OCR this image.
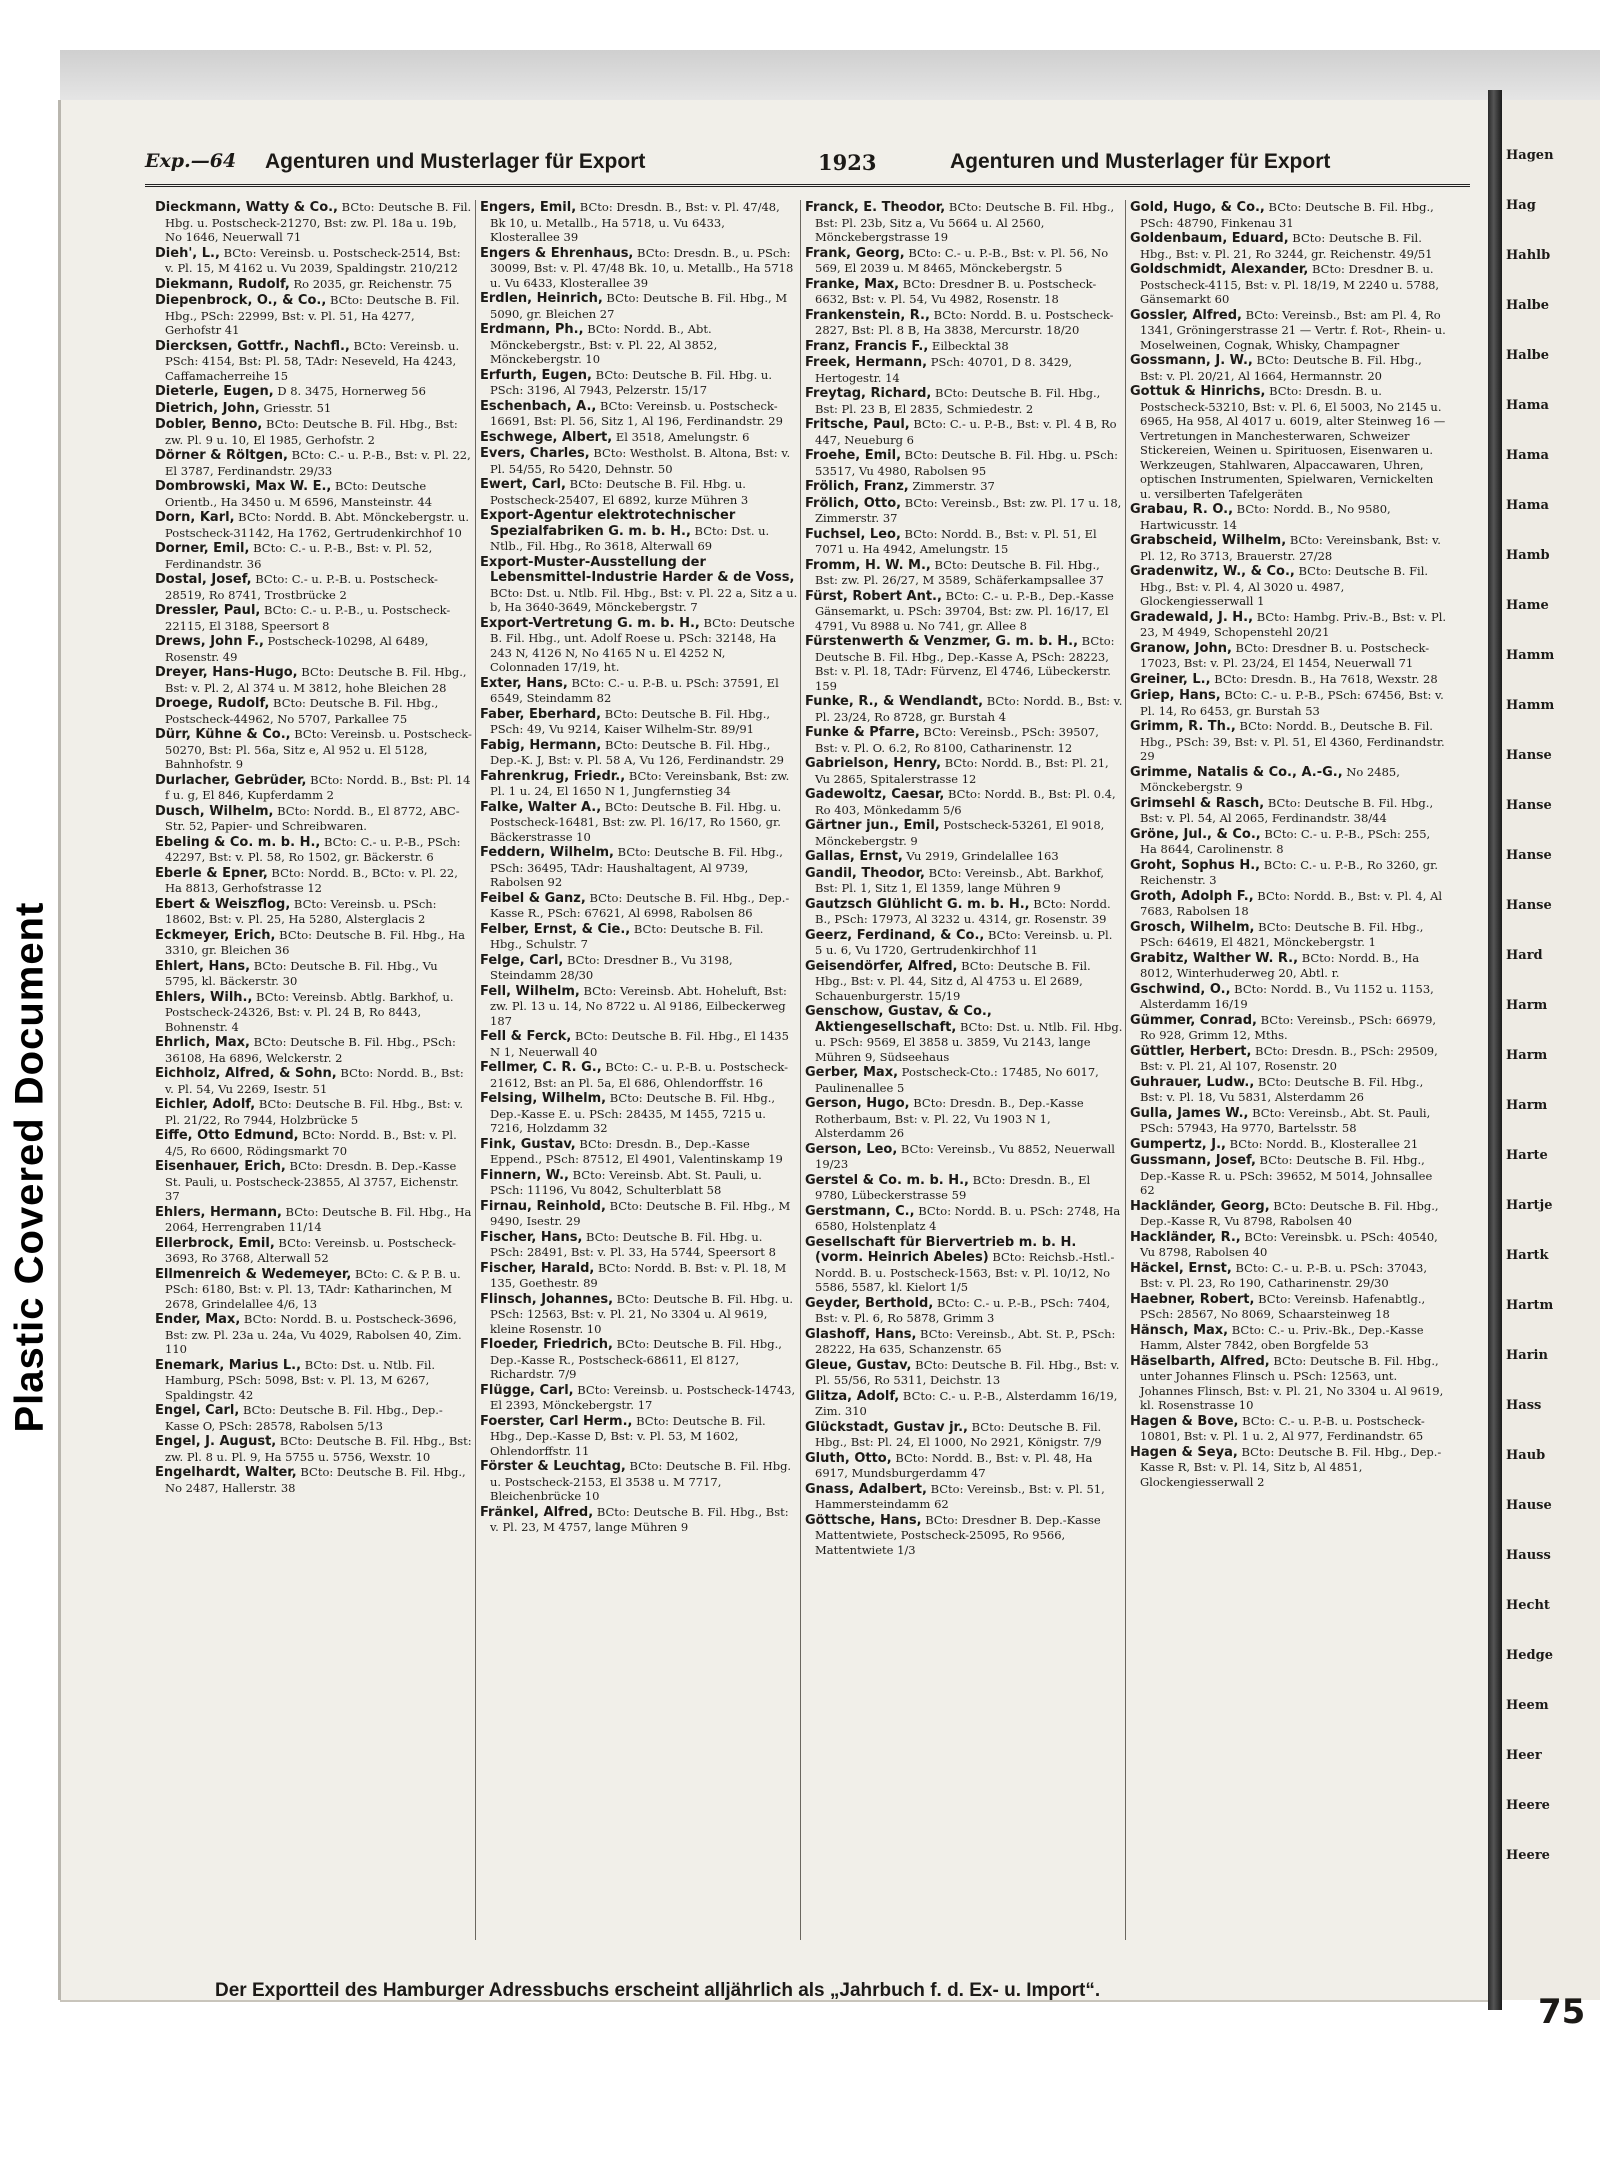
Plastic Covered Document
Hagen
Hag
Hahlb
Halbe
Halbe
Hama
Hama
Hama
Hamb
Hame
Hamm
Hamm
Hanse
Hanse
Hanse
Hanse
Hard
Harm
Harm
Harm
Harte
Hartje
Hartk
Hartm
Harin
Hass
Haub
Hause
Hauss
Hecht
Hedge
Heem
Heer
Heere
Heere
Exp.—64 Agenturen und Musterlager für Export	1923	Agenturen und Musterlager für Export
Dieckmann, Watty & Co., BCto: Deutsche B. Fil. Hbg. u. Postscheck-21270, Bst: zw. Pl. 18a u. 19b, No 1646, Neuerwall 71
Dieh', L., BCto: Vereinsb. u. Postscheck-2514, Bst: v. Pl. 15, M 4162 u. Vu 2039, Spaldingstr. 210/212
Diekmann, Rudolf, Ro 2035, gr. Reichenstr. 75
Diepenbrock, O., & Co., BCto: Deutsche B. Fil. Hbg., PSch: 22999, Bst: v. Pl. 51, Ha 4277, Gerhofstr 41
Diercksen, Gottfr., Nachfl., BCto: Vereinsb. u. PSch: 4154, Bst: Pl. 58, TAdr: Neseveld, Ha 4243, Caffamacherreihe 15
Dieterle, Eugen, D 8. 3475, Hornerweg 56
Dietrich, John, Griesstr. 51
Dobler, Benno, BCto: Deutsche B. Fil. Hbg., Bst: zw. Pl. 9 u. 10, El 1985, Gerhofstr. 2
Dörner & Röltgen, BCto: C.- u. P.-B., Bst: v. Pl. 22, El 3787, Ferdinandstr. 29/33
Dombrowski, Max W. E., BCto: Deutsche Orientb., Ha 3450 u. M 6596, Mansteinstr. 44
Dorn, Karl, BCto: Nordd. B. Abt. Mönckebergstr. u. Postscheck-31142, Ha 1762, Gertrudenkirchhof 10
Dorner, Emil, BCto: C.- u. P.-B., Bst: v. Pl. 52, Ferdinandstr. 36
Dostal, Josef, BCto: C.- u. P.-B. u. Postscheck-28519, Ro 8741, Trostbrücke 2
Dressler, Paul, BCto: C.- u. P.-B., u. Postscheck-22115, El 3188, Speersort 8
Drews, John F., Postscheck-10298, Al 6489, Rosenstr. 49
Dreyer, Hans-Hugo, BCto: Deutsche B. Fil. Hbg., Bst: v. Pl. 2, Al 374 u. M 3812, hohe Bleichen 28
Droege, Rudolf, BCto: Deutsche B. Fil. Hbg., Postscheck-44962, No 5707, Parkallee 75
Dürr, Kühne & Co., BCto: Vereinsb. u. Postscheck-50270, Bst: Pl. 56a, Sitz e, Al 952 u. El 5128, Bahnhofstr. 9
Durlacher, Gebrüder, BCto: Nordd. B., Bst: Pl. 14 f u. g, El 846, Kupferdamm 2
Dusch, Wilhelm, BCto: Nordd. B., El 8772, ABC-Str. 52, Papier- und Schreibwaren.
Ebeling & Co. m. b. H., BCto: C.- u. P.-B., PSch: 42297, Bst: v. Pl. 58, Ro 1502, gr. Bäckerstr. 6
Eberle & Epner, BCto: Nordd. B., BCto: v. Pl. 22, Ha 8813, Gerhofstrasse 12
Ebert & Weiszflog, BCto: Vereinsb. u. PSch: 18602, Bst: v. Pl. 25, Ha 5280, Alsterglacis 2
Eckmeyer, Erich, BCto: Deutsche B. Fil. Hbg., Ha 3310, gr. Bleichen 36
Ehlert, Hans, BCto: Deutsche B. Fil. Hbg., Vu 5795, kl. Bäckerstr. 30
Ehlers, Wilh., BCto: Vereinsb. Abtlg. Barkhof, u. Postscheck-24326, Bst: v. Pl. 24 B, Ro 8443, Bohnenstr. 4
Ehrlich, Max, BCto: Deutsche B. Fil. Hbg., PSch: 36108, Ha 6896, Welckerstr. 2
Eichholz, Alfred, & Sohn, BCto: Nordd. B., Bst: v. Pl. 54, Vu 2269, Isestr. 51
Eichler, Adolf, BCto: Deutsche B. Fil. Hbg., Bst: v. Pl. 21/22, Ro 7944, Holzbrücke 5
Eiffe, Otto Edmund, BCto: Nordd. B., Bst: v. Pl. 4/5, Ro 6600, Rödingsmarkt 70
Eisenhauer, Erich, BCto: Dresdn. B. Dep.-Kasse St. Pauli, u. Postscheck-23855, Al 3757, Eichenstr. 37
Ehlers, Hermann, BCto: Deutsche B. Fil. Hbg., Ha 2064, Herrengraben 11/14
Ellerbrock, Emil, BCto: Vereinsb. u. Postscheck-3693, Ro 3768, Alterwall 52
Ellmenreich & Wedemeyer, BCto: C. & P. B. u. PSch: 6180, Bst: v. Pl. 13, TAdr: Katharinchen, M 2678, Grindelallee 4/6, 13
Ender, Max, BCto: Nordd. B. u. Postscheck-3696, Bst: zw. Pl. 23a u. 24a, Vu 4029, Rabolsen 40, Zim. 110
Enemark, Marius L., BCto: Dst. u. Ntlb. Fil. Hamburg, PSch: 5098, Bst: v. Pl. 13, M 6267, Spaldingstr. 42
Engel, Carl, BCto: Deutsche B. Fil. Hbg., Dep.-Kasse O, PSch: 28578, Rabolsen 5/13
Engel, J. August, BCto: Deutsche B. Fil. Hbg., Bst: zw. Pl. 8 u. Pl. 9, Ha 5755 u. 5756, Wexstr. 10
Engelhardt, Walter, BCto: Deutsche B. Fil. Hbg., No 2487, Hallerstr. 38
Engers, Emil, BCto: Dresdn. B., Bst: v. Pl. 47/48, Bk 10, u. Metallb., Ha 5718, u. Vu 6433, Klosterallee 39
Engers & Ehrenhaus, BCto: Dresdn. B., u. PSch: 30099, Bst: v. Pl. 47/48 Bk. 10, u. Metallb., Ha 5718 u. Vu 6433, Klosterallee 39
Erdlen, Heinrich, BCto: Deutsche B. Fil. Hbg., M 5090, gr. Bleichen 27
Erdmann, Ph., BCto: Nordd. B., Abt. Mönckebergstr., Bst: v. Pl. 22, Al 3852, Mönckebergstr. 10
Erfurth, Eugen, BCto: Deutsche B. Fil. Hbg. u. PSch: 3196, Al 7943, Pelzerstr. 15/17
Eschenbach, A., BCto: Vereinsb. u. Postscheck-16691, Bst: Pl. 56, Sitz 1, Al 196, Ferdinandstr. 29
Eschwege, Albert, El 3518, Amelungstr. 6
Evers, Charles, BCto: Westholst. B. Altona, Bst: v. Pl. 54/55, Ro 5420, Dehnstr. 50
Ewert, Carl, BCto: Deutsche B. Fil. Hbg. u. Postscheck-25407, El 6892, kurze Mühren 3
Export-Agentur elektrotechnischer Spezialfabriken G. m. b. H., BCto: Dst. u. Ntlb., Fil. Hbg., Ro 3618, Alterwall 69
Export-Muster-Ausstellung der Lebensmittel-Industrie Harder & de Voss, BCto: Dst. u. Ntlb. Fil. Hbg., Bst: v. Pl. 22 a, Sitz a u. b, Ha 3640-3649, Mönckebergstr. 7
Export-Vertretung G. m. b. H., BCto: Deutsche B. Fil. Hbg., unt. Adolf Roese u. PSch: 32148, Ha 243 N, 4126 N, No 4165 N u. El 4252 N, Colonnaden 17/19, ht.
Exter, Hans, BCto: C.- u. P.-B. u. PSch: 37591, El 6549, Steindamm 82
Faber, Eberhard, BCto: Deutsche B. Fil. Hbg., PSch: 49, Vu 9214, Kaiser Wilhelm-Str. 89/91
Fabig, Hermann, BCto: Deutsche B. Fil. Hbg., Dep.-K. J, Bst: v. Pl. 58 A, Vu 126, Ferdinandstr. 29
Fahrenkrug, Friedr., BCto: Vereinsbank, Bst: zw. Pl. 1 u. 24, El 1650 N 1, Jungfernstieg 34
Falke, Walter A., BCto: Deutsche B. Fil. Hbg. u. Postscheck-16481, Bst: zw. Pl. 16/17, Ro 1560, gr. Bäckerstrasse 10
Feddern, Wilhelm, BCto: Deutsche B. Fil. Hbg., PSch: 36495, TAdr: Haushaltagent, Al 9739, Rabolsen 92
Feibel & Ganz, BCto: Deutsche B. Fil. Hbg., Dep.-Kasse R., PSch: 67621, Al 6998, Rabolsen 86
Felber, Ernst, & Cie., BCto: Deutsche B. Fil. Hbg., Schulstr. 7
Felge, Carl, BCto: Dresdner B., Vu 3198, Steindamm 28/30
Fell, Wilhelm, BCto: Vereinsb. Abt. Hoheluft, Bst: zw. Pl. 13 u. 14, No 8722 u. Al 9186, Eilbeckerweg 187
Fell & Ferck, BCto: Deutsche B. Fil. Hbg., El 1435 N 1, Neuerwall 40
Fellmer, C. R. G., BCto: C.- u. P.-B. u. Postscheck-21612, Bst: an Pl. 5a, El 686, Ohlendorffstr. 16
Felsing, Wilhelm, BCto: Deutsche B. Fil. Hbg., Dep.-Kasse E. u. PSch: 28435, M 1455, 7215 u. 7216, Holzdamm 32
Fink, Gustav, BCto: Dresdn. B., Dep.-Kasse Eppend., PSch: 87512, El 4901, Valentinskamp 19
Finnern, W., BCto: Vereinsb. Abt. St. Pauli, u. PSch: 11196, Vu 8042, Schulterblatt 58
Firnau, Reinhold, BCto: Deutsche B. Fil. Hbg., M 9490, Isestr. 29
Fischer, Hans, BCto: Deutsche B. Fil. Hbg. u. PSch: 28491, Bst: v. Pl. 33, Ha 5744, Speersort 8
Fischer, Harald, BCto: Nordd. B. Bst: v. Pl. 18, M 135, Goethestr. 89
Flinsch, Johannes, BCto: Deutsche B. Fil. Hbg. u. PSch: 12563, Bst: v. Pl. 21, No 3304 u. Al 9619, kleine Rosenstr. 10
Floeder, Friedrich, BCto: Deutsche B. Fil. Hbg., Dep.-Kasse R., Postscheck-68611, El 8127, Richardstr. 7/9
Flügge, Carl, BCto: Vereinsb. u. Postscheck-14743, El 2393, Mönckebergstr. 17
Foerster, Carl Herm., BCto: Deutsche B. Fil. Hbg., Dep.-Kasse D, Bst: v. Pl. 53, M 1602, Ohlendorffstr. 11
Förster & Leuchtag, BCto: Deutsche B. Fil. Hbg. u. Postscheck-2153, El 3538 u. M 7717, Bleichenbrücke 10
Fränkel, Alfred, BCto: Deutsche B. Fil. Hbg., Bst: v. Pl. 23, M 4757, lange Mühren 9
Franck, E. Theodor, BCto: Deutsche B. Fil. Hbg., Bst: Pl. 23b, Sitz a, Vu 5664 u. Al 2560, Mönckebergstrasse 19
Frank, Georg, BCto: C.- u. P.-B., Bst: v. Pl. 56, No 569, El 2039 u. M 8465, Mönckebergstr. 5
Franke, Max, BCto: Dresdner B. u. Postscheck-6632, Bst: v. Pl. 54, Vu 4982, Rosenstr. 18
Frankenstein, R., BCto: Nordd. B. u. Postscheck-2827, Bst: Pl. 8 B, Ha 3838, Mercurstr. 18/20
Franz, Francis F., Eilbecktal 38
Freek, Hermann, PSch: 40701, D 8. 3429, Hertogestr. 14
Freytag, Richard, BCto: Deutsche B. Fil. Hbg., Bst: Pl. 23 B, El 2835, Schmiedestr. 2
Fritsche, Paul, BCto: C.- u. P.-B., Bst: v. Pl. 4 B, Ro 447, Neueburg 6
Froehe, Emil, BCto: Deutsche B. Fil. Hbg. u. PSch: 53517, Vu 4980, Rabolsen 95
Frölich, Franz, Zimmerstr. 37
Frölich, Otto, BCto: Vereinsb., Bst: zw. Pl. 17 u. 18, Zimmerstr. 37
Fuchsel, Leo, BCto: Nordd. B., Bst: v. Pl. 51, El 7071 u. Ha 4942, Amelungstr. 15
Fromm, H. W. M., BCto: Deutsche B. Fil. Hbg., Bst: zw. Pl. 26/27, M 3589, Schäferkampsallee 37
Fürst, Robert Ant., BCto: C.- u. P.-B., Dep.-Kasse Gänsemarkt, u. PSch: 39704, Bst: zw. Pl. 16/17, El 4791, Vu 8988 u. No 741, gr. Allee 8
Fürstenwerth & Venzmer, G. m. b. H., BCto: Deutsche B. Fil. Hbg., Dep.-Kasse A, PSch: 28223, Bst: v. Pl. 18, TAdr: Fürvenz, El 4746, Lübeckerstr. 159
Funke, R., & Wendlandt, BCto: Nordd. B., Bst: v. Pl. 23/24, Ro 8728, gr. Burstah 4
Funke & Pfarre, BCto: Vereinsb., PSch: 39507, Bst: v. Pl. O. 6.2, Ro 8100, Catharinenstr. 12
Gabrielson, Henry, BCto: Nordd. B., Bst: Pl. 21, Vu 2865, Spitalerstrasse 12
Gadewoltz, Caesar, BCto: Nordd. B., Bst: Pl. 0.4, Ro 403, Mönkedamm 5/6
Gärtner jun., Emil, Postscheck-53261, El 9018, Mönckebergstr. 9
Gallas, Ernst, Vu 2919, Grindelallee 163
Gandil, Theodor, BCto: Vereinsb., Abt. Barkhof, Bst: Pl. 1, Sitz 1, El 1359, lange Mühren 9
Gautzsch Glühlicht G. m. b. H., BCto: Nordd. B., PSch: 17973, Al 3232 u. 4314, gr. Rosenstr. 39
Geerz, Ferdinand, & Co., BCto: Vereinsb. u. Pl. 5 u. 6, Vu 1720, Gertrudenkirchhof 11
Geisendörfer, Alfred, BCto: Deutsche B. Fil. Hbg., Bst: v. Pl. 44, Sitz d, Al 4753 u. El 2689, Schauenburgerstr. 15/19
Genschow, Gustav, & Co., Aktiengesellschaft, BCto: Dst. u. Ntlb. Fil. Hbg. u. PSch: 9569, El 3858 u. 3859, Vu 2143, lange Mühren 9, Südseehaus
Gerber, Max, Postscheck-Cto.: 17485, No 6017, Paulinenallee 5
Gerson, Hugo, BCto: Dresdn. B., Dep.-Kasse Rotherbaum, Bst: v. Pl. 22, Vu 1903 N 1, Alsterdamm 26
Gerson, Leo, BCto: Vereinsb., Vu 8852, Neuerwall 19/23
Gerstel & Co. m. b. H., BCto: Dresdn. B., El 9780, Lübeckerstrasse 59
Gerstmann, C., BCto: Nordd. B. u. PSch: 2748, Ha 6580, Holstenplatz 4
Gesellschaft für Biervertrieb m. b. H. (vorm. Heinrich Abeles) BCto: Reichsb.-Hstl.-Nordd. B. u. Postscheck-1563, Bst: v. Pl. 10/12, No 5586, 5587, kl. Kielort 1/5
Geyder, Berthold, BCto: C.- u. P.-B., PSch: 7404, Bst: v. Pl. 6, Ro 5878, Grimm 3
Glashoff, Hans, BCto: Vereinsb., Abt. St. P., PSch: 28222, Ha 635, Schanzenstr. 65
Gleue, Gustav, BCto: Deutsche B. Fil. Hbg., Bst: v. Pl. 55/56, Ro 5311, Deichstr. 13
Glitza, Adolf, BCto: C.- u. P.-B., Alsterdamm 16/19, Zim. 310
Glückstadt, Gustav jr., BCto: Deutsche B. Fil. Hbg., Bst: Pl. 24, El 1000, No 2921, Königstr. 7/9
Gluth, Otto, BCto: Nordd. B., Bst: v. Pl. 48, Ha 6917, Mundsburgerdamm 47
Gnass, Adalbert, BCto: Vereinsb., Bst: v. Pl. 51, Hammersteindamm 62
Göttsche, Hans, BCto: Dresdner B. Dep.-Kasse Mattentwiete, Postscheck-25095, Ro 9566, Mattentwiete 1/3
Gold, Hugo, & Co., BCto: Deutsche B. Fil. Hbg., PSch: 48790, Finkenau 31
Goldenbaum, Eduard, BCto: Deutsche B. Fil. Hbg., Bst: v. Pl. 21, Ro 3244, gr. Reichenstr. 49/51
Goldschmidt, Alexander, BCto: Dresdner B. u. Postscheck-4115, Bst: v. Pl. 18/19, M 2240 u. 5788, Gänsemarkt 60
Gossler, Alfred, BCto: Vereinsb., Bst: am Pl. 4, Ro 1341, Gröningerstrasse 21 — Vertr. f. Rot-, Rhein- u. Moselweinen, Cognak, Whisky, Champagner
Gossmann, J. W., BCto: Deutsche B. Fil. Hbg., Bst: v. Pl. 20/21, Al 1664, Hermannstr. 20
Gottuk & Hinrichs, BCto: Dresdn. B. u. Postscheck-53210, Bst: v. Pl. 6, El 5003, No 2145 u. 6965, Ha 958, Al 4017 u. 6019, alter Steinweg 16 — Vertretungen in Manchesterwaren, Schweizer Stickereien, Weinen u. Spirituosen, Eisenwaren u. Werkzeugen, Stahlwaren, Alpaccawaren, Uhren, optischen Instrumenten, Spielwaren, Vernickelten u. versilberten Tafelgeräten
Grabau, R. O., BCto: Nordd. B., No 9580, Hartwicusstr. 14
Grabscheid, Wilhelm, BCto: Vereinsbank, Bst: v. Pl. 12, Ro 3713, Brauerstr. 27/28
Gradenwitz, W., & Co., BCto: Deutsche B. Fil. Hbg., Bst: v. Pl. 4, Al 3020 u. 4987, Glockengiesserwall 1
Gradewald, J. H., BCto: Hambg. Priv.-B., Bst: v. Pl. 23, M 4949, Schopenstehl 20/21
Granow, John, BCto: Dresdner B. u. Postscheck-17023, Bst: v. Pl. 23/24, El 1454, Neuerwall 71
Greiner, L., BCto: Dresdn. B., Ha 7618, Wexstr. 28
Griep, Hans, BCto: C.- u. P.-B., PSch: 67456, Bst: v. Pl. 14, Ro 6453, gr. Burstah 53
Grimm, R. Th., BCto: Nordd. B., Deutsche B. Fil. Hbg., PSch: 39, Bst: v. Pl. 51, El 4360, Ferdinandstr. 29
Grimme, Natalis & Co., A.-G., No 2485, Mönckebergstr. 9
Grimsehl & Rasch, BCto: Deutsche B. Fil. Hbg., Bst: v. Pl. 54, Al 2065, Ferdinandstr. 38/44
Gröne, Jul., & Co., BCto: C.- u. P.-B., PSch: 255, Ha 8644, Carolinenstr. 8
Groht, Sophus H., BCto: C.- u. P.-B., Ro 3260, gr. Reichenstr. 3
Groth, Adolph F., BCto: Nordd. B., Bst: v. Pl. 4, Al 7683, Rabolsen 18
Grosch, Wilhelm, BCto: Deutsche B. Fil. Hbg., PSch: 64619, El 4821, Mönckebergstr. 1
Grabitz, Walther W. R., BCto: Nordd. B., Ha 8012, Winterhuderweg 20, Abtl. r.
Gschwind, O., BCto: Nordd. B., Vu 1152 u. 1153, Alsterdamm 16/19
Gümmer, Conrad, BCto: Vereinsb., PSch: 66979, Ro 928, Grimm 12, Mths.
Güttler, Herbert, BCto: Dresdn. B., PSch: 29509, Bst: v. Pl. 21, Al 107, Rosenstr. 20
Guhrauer, Ludw., BCto: Deutsche B. Fil. Hbg., Bst: v. Pl. 18, Vu 5831, Alsterdamm 26
Gulla, James W., BCto: Vereinsb., Abt. St. Pauli, PSch: 57943, Ha 9770, Bartelsstr. 58
Gumpertz, J., BCto: Nordd. B., Klosterallee 21
Gussmann, Josef, BCto: Deutsche B. Fil. Hbg., Dep.-Kasse R. u. PSch: 39652, M 5014, Johnsallee 62
Hackländer, Georg, BCto: Deutsche B. Fil. Hbg., Dep.-Kasse R, Vu 8798, Rabolsen 40
Hackländer, R., BCto: Vereinsbk. u. PSch: 40540, Vu 8798, Rabolsen 40
Häckel, Ernst, BCto: C.- u. P.-B. u. PSch: 37043, Bst: v. Pl. 23, Ro 190, Catharinenstr. 29/30
Haebner, Robert, BCto: Vereinsb. Hafenabtlg., PSch: 28567, No 8069, Schaarsteinweg 18
Hänsch, Max, BCto: C.- u. Priv.-Bk., Dep.-Kasse Hamm, Alster 7842, oben Borgfelde 53
Häselbarth, Alfred, BCto: Deutsche B. Fil. Hbg., unter Johannes Flinsch u. PSch: 12563, unt. Johannes Flinsch, Bst: v. Pl. 21, No 3304 u. Al 9619, kl. Rosenstrasse 10
Hagen & Bove, BCto: C.- u. P.-B. u. Postscheck-10801, Bst: v. Pl. 1 u. 2, Al 977, Ferdinandstr. 65
Hagen & Seya, BCto: Deutsche B. Fil. Hbg., Dep.-Kasse R, Bst: v. Pl. 14, Sitz b, Al 4851, Glockengiesserwall 2
Der Exportteil des Hamburger Adressbuchs erscheint alljährlich als „Jahrbuch f. d. Ex- u. Import“.
75
